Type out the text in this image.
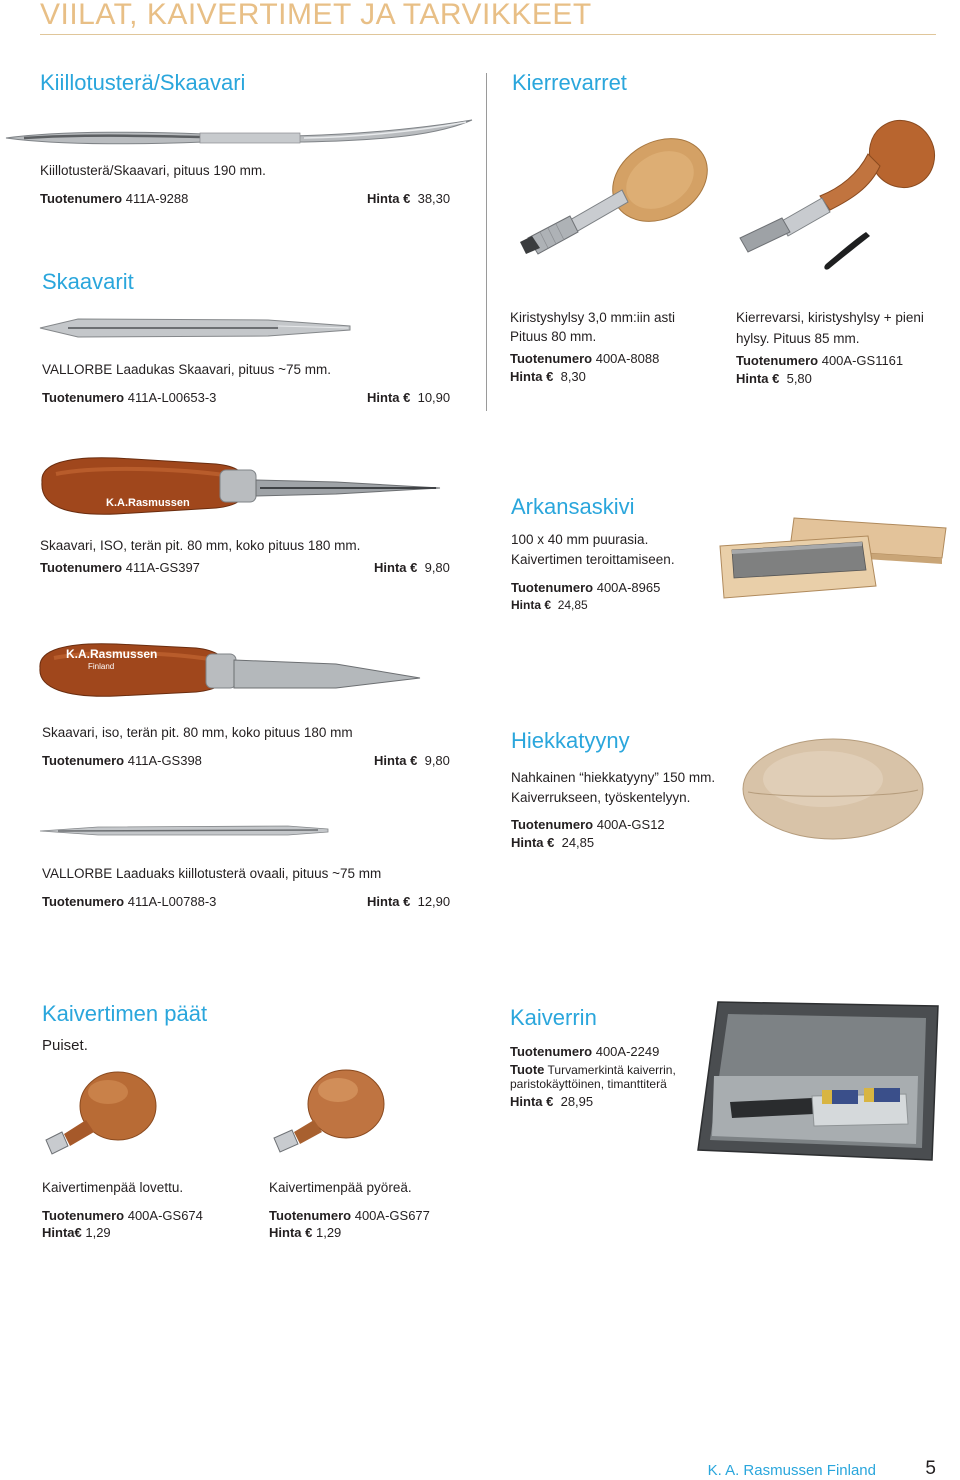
VIILAT, KAIVERTIMET JA TARVIKKEET
Kiillotusterä/Skaavari
Kiillotusterä/Skaavari, pituus 190 mm.
Tuotenumero 411A-9288	Hinta € 38,30
Skaavarit
VALLORBE Laadukas Skaavari, pituus ~75 mm.
Tuotenumero 411A-L00653-3	Hinta € 10,90
Kierrevarret
Kiristyshylsy 3,0 mm:iin asti
Pituus 80 mm.
Tuotenumero 400A-8088
Hinta € 8,30
Kierrevarsi, kiristyshylsy + pieni
hylsy. Pituus 85 mm.
Tuotenumero 400A-GS1161
Hinta € 5,80
K.A.Rasmussen
Skaavari, ISO, terän pit. 80 mm, koko pituus 180 mm.
Tuotenumero 411A-GS397	Hinta € 9,80
Arkansaskivi
100 x 40 mm puurasia.
Kaivertimen teroittamiseen.
Tuotenumero 400A-8965
Hinta € 24,85
K.A.Rasmussen
Finland
Skaavari, iso, terän pit. 80 mm, koko pituus 180 mm
Tuotenumero 411A-GS398	Hinta € 9,80
Hiekkatyyny
Nahkainen “hiekkatyyny” 150 mm.
Kaiverrukseen, työskentelyyn.
Tuotenumero 400A-GS12
Hinta € 24,85
VALLORBE Laaduaks kiillotusterä ovaali, pituus ~75 mm
Tuotenumero 411A-L00788-3	Hinta € 12,90
Kaivertimen päät
Puiset.
Kaivertimenpää lovettu.
Tuotenumero 400A-GS674
Hinta€ 1,29
Kaivertimenpää pyöreä.
Tuotenumero 400A-GS677
Hinta € 1,29
Kaiverrin
Tuotenumero 400A-2249
Tuote Turvamerkintä kaiverrin,
paristokäyttöinen, timanttiterä
Hinta € 28,95
K. A. Rasmussen Finland	5
